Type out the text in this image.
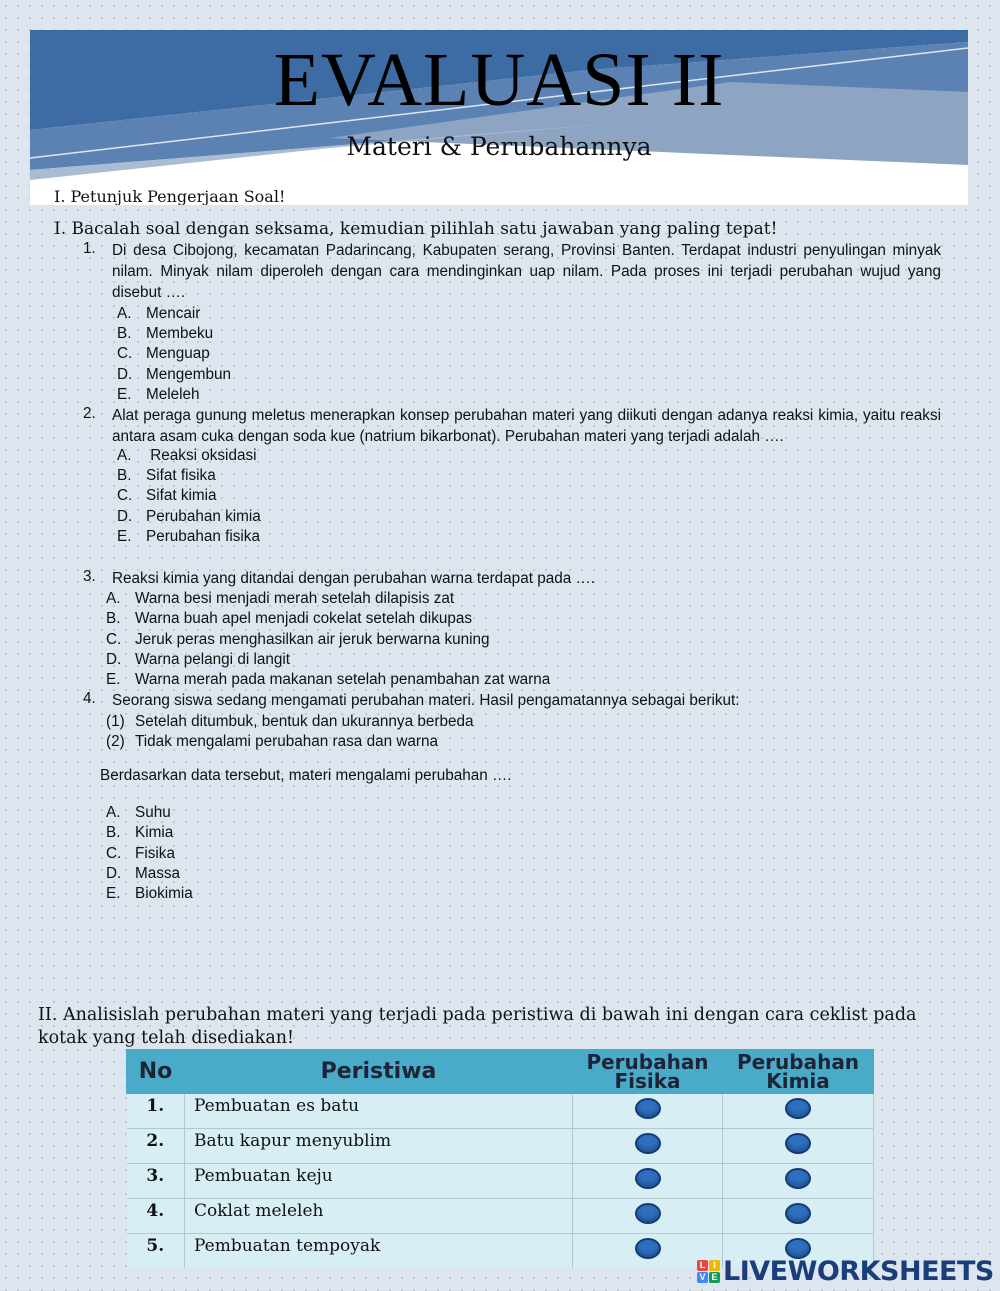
EVALUASI II
Materi & Perubahannya
I. Petunjuk Pengerjaan Soal!
I. Bacalah soal dengan seksama, kemudian pilihlah satu jawaban yang paling tepat!
1. Di desa Cibojong, kecamatan Padarincang, Kabupaten serang, Provinsi Banten. Terdapat industri penyulingan minyak nilam. Minyak nilam diperoleh dengan cara mendinginkan uap nilam. Pada proses ini terjadi perubahan wujud yang disebut ….
A. Mencair
B. Membeku
C. Menguap
D. Mengembun
E. Meleleh
2. Alat peraga gunung meletus menerapkan konsep perubahan materi yang diikuti dengan adanya reaksi kimia, yaitu reaksi antara asam cuka dengan soda kue (natrium bikarbonat). Perubahan materi yang terjadi adalah ….
A. Reaksi oksidasi
B. Sifat fisika
C. Sifat kimia
D. Perubahan kimia
E. Perubahan fisika
3. Reaksi kimia yang ditandai dengan perubahan warna terdapat pada ….
A. Warna besi menjadi merah setelah dilapisis zat
B. Warna buah apel menjadi cokelat setelah dikupas
C. Jeruk peras menghasilkan air jeruk berwarna kuning
D. Warna pelangi di langit
E. Warna merah pada makanan setelah penambahan zat warna
4. Seorang siswa sedang mengamati perubahan materi. Hasil pengamatannya sebagai berikut:
(1) Setelah ditumbuk, bentuk dan ukurannya berbeda
(2) Tidak mengalami perubahan rasa dan warna
Berdasarkan data tersebut, materi mengalami perubahan ….
A. Suhu
B. Kimia
C. Fisika
D. Massa
E. Biokimia
II. Analisislah perubahan materi yang terjadi pada peristiwa di bawah ini dengan cara ceklist pada kotak yang telah disediakan!
No	Peristiwa	Perubahan Fisika	Perubahan Kimia
1.	Pembuatan es batu		
2.	Batu kapur menyublim		
3.	Pembuatan keju		
4.	Coklat meleleh		
5.	Pembuatan tempoyak		
L I
V E LIVEWORKSHEETS
